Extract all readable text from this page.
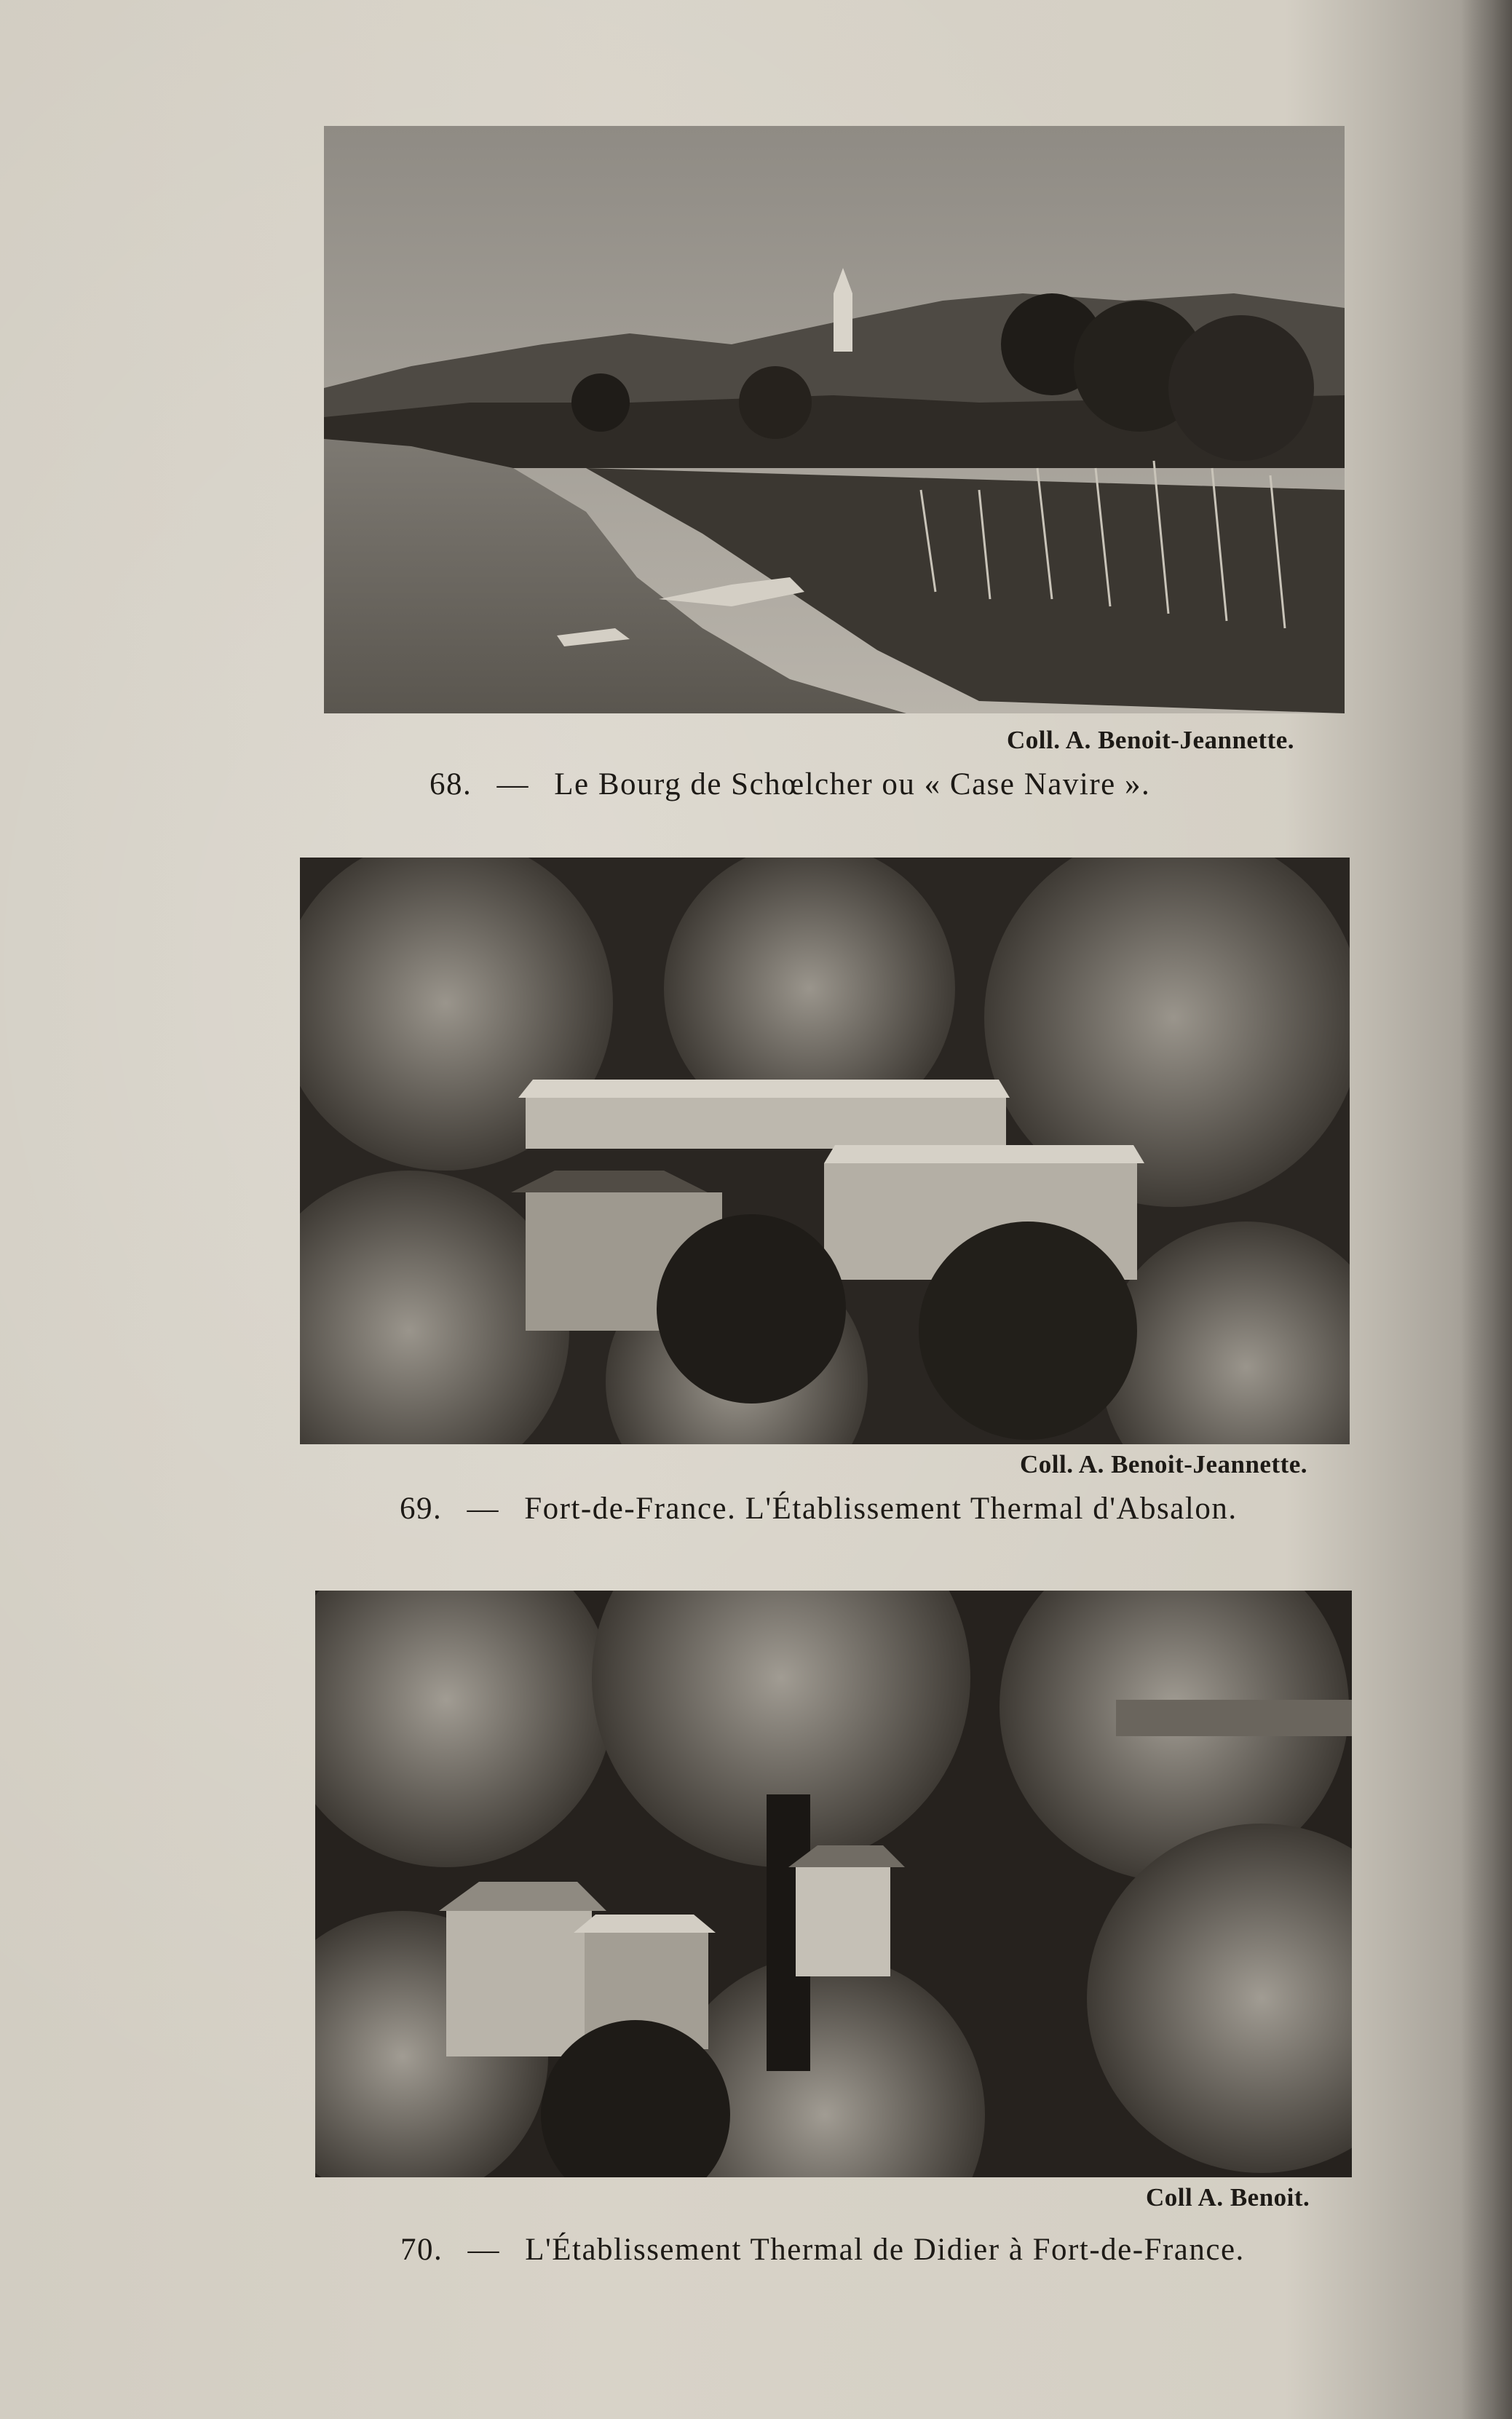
Coll. A. Benoit-Jeannette.
68. — Le Bourg de Schœlcher ou « Case Navire ».
Coll. A. Benoit-Jeannette.
69. — Fort-de-France. L'Établissement Thermal d'Absalon.
Coll A. Benoit.
70. — L'Établissement Thermal de Didier à Fort-de-France.
